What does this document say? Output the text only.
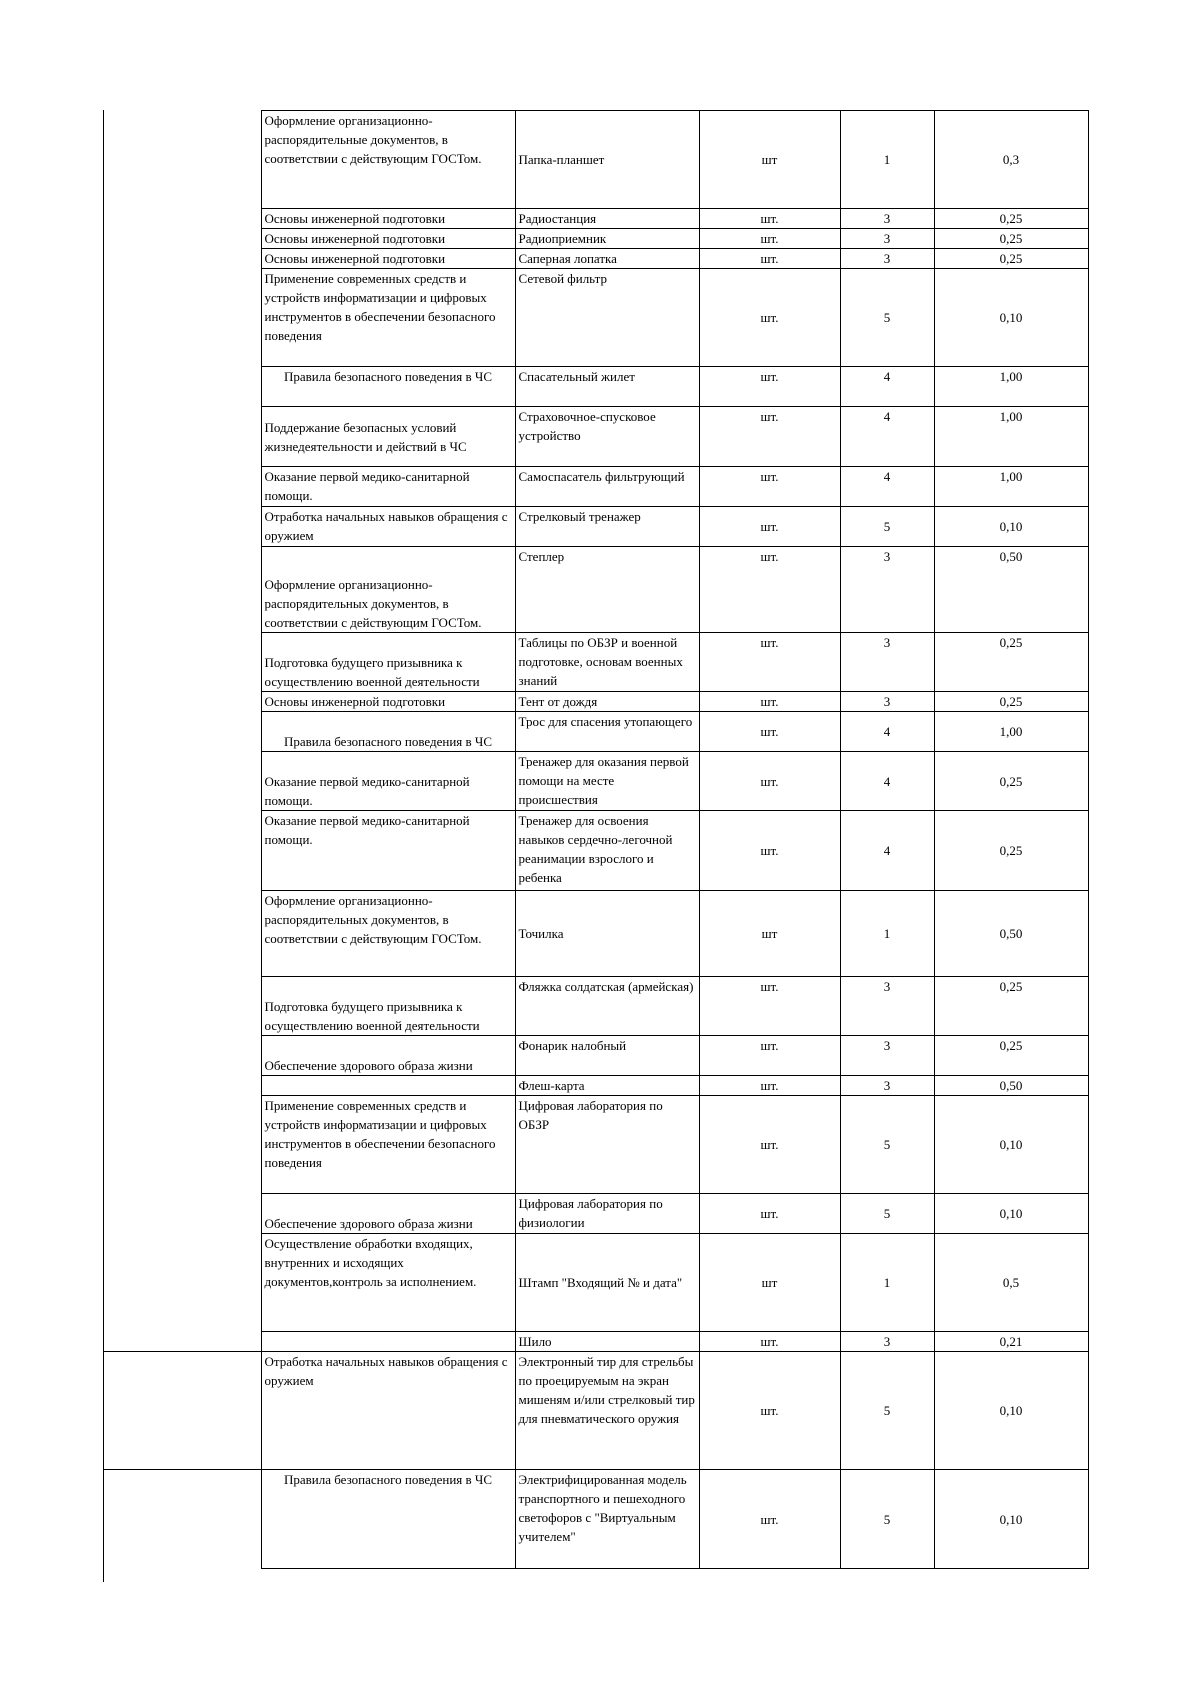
	Оформление организационно-распорядительные документов, в соответствии с действующим ГОСТом.	Папка-планшет	шт	1	0,3
	Основы инженерной подготовки	Радиостанция	шт.	3	0,25
	Основы инженерной подготовки	Радиоприемник	шт.	3	0,25
	Основы инженерной подготовки	Саперная лопатка	шт.	3	0,25
	Применение современных средств и устройств информатизации и цифровых инструментов в обеспечении безопасного поведения	Сетевой фильтр	шт.	5	0,10
	Правила безопасного поведения в ЧС	Спасательный жилет	шт.	4	1,00
	Поддержание безопасных условий жизнедеятельности и действий в ЧС	Страховочное-спусковое устройство	шт.	4	1,00
	Оказание первой медико-санитарной помощи.	Самоспасатель фильтрующий	шт.	4	1,00
	Отработка начальных навыков обращения с оружием	Стрелковый тренажер	шт.	5	0,10
	Оформление организационно-распорядительных документов, в соответствии с действующим ГОСТом.	Степлер	шт.	3	0,50
	Подготовка будущего призывника к осуществлению военной деятельности	Таблицы по ОБЗР и военной подготовке, основам военных знаний	шт.	3	0,25
	Основы инженерной подготовки	Тент от дождя	шт.	3	0,25
	Правила безопасного поведения в ЧС	Трос для спасения утопающего	шт.	4	1,00
	Оказание первой медико-санитарной помощи.	Тренажер для оказания первой помощи на месте происшествия	шт.	4	0,25
	Оказание первой медико-санитарной помощи.	Тренажер для освоения навыков сердечно-легочной реанимации взрослого и ребенка	шт.	4	0,25
	Оформление организационно-распорядительных документов, в соответствии с действующим ГОСТом.	Точилка	шт	1	0,50
	Подготовка будущего призывника к осуществлению военной деятельности	Фляжка солдатская (армейская)	шт.	3	0,25
	Обеспечение здорового образа жизни	Фонарик налобный	шт.	3	0,25
		Флеш-карта	шт.	3	0,50
	Применение современных средств и устройств информатизации и цифровых инструментов в обеспечении безопасного поведения	Цифровая лаборатория по ОБЗР	шт.	5	0,10
	Обеспечение здорового образа жизни	Цифровая лаборатория по физиологии	шт.	5	0,10
	Осуществление обработки входящих, внутренних и исходящих документов,контроль за исполнением.	Штамп "Входящий № и дата"	шт	1	0,5
		Шило	шт.	3	0,21
	Отработка начальных навыков обращения с оружием	Электронный тир для стрельбы по проецируемым на экран мишеням и/или стрелковый тир для пневматического оружия	шт.	5	0,10
	Правила безопасного поведения в ЧС	Электрифицированная модель транспортного и пешеходного светофоров с "Виртуальным учителем"	шт.	5	0,10
